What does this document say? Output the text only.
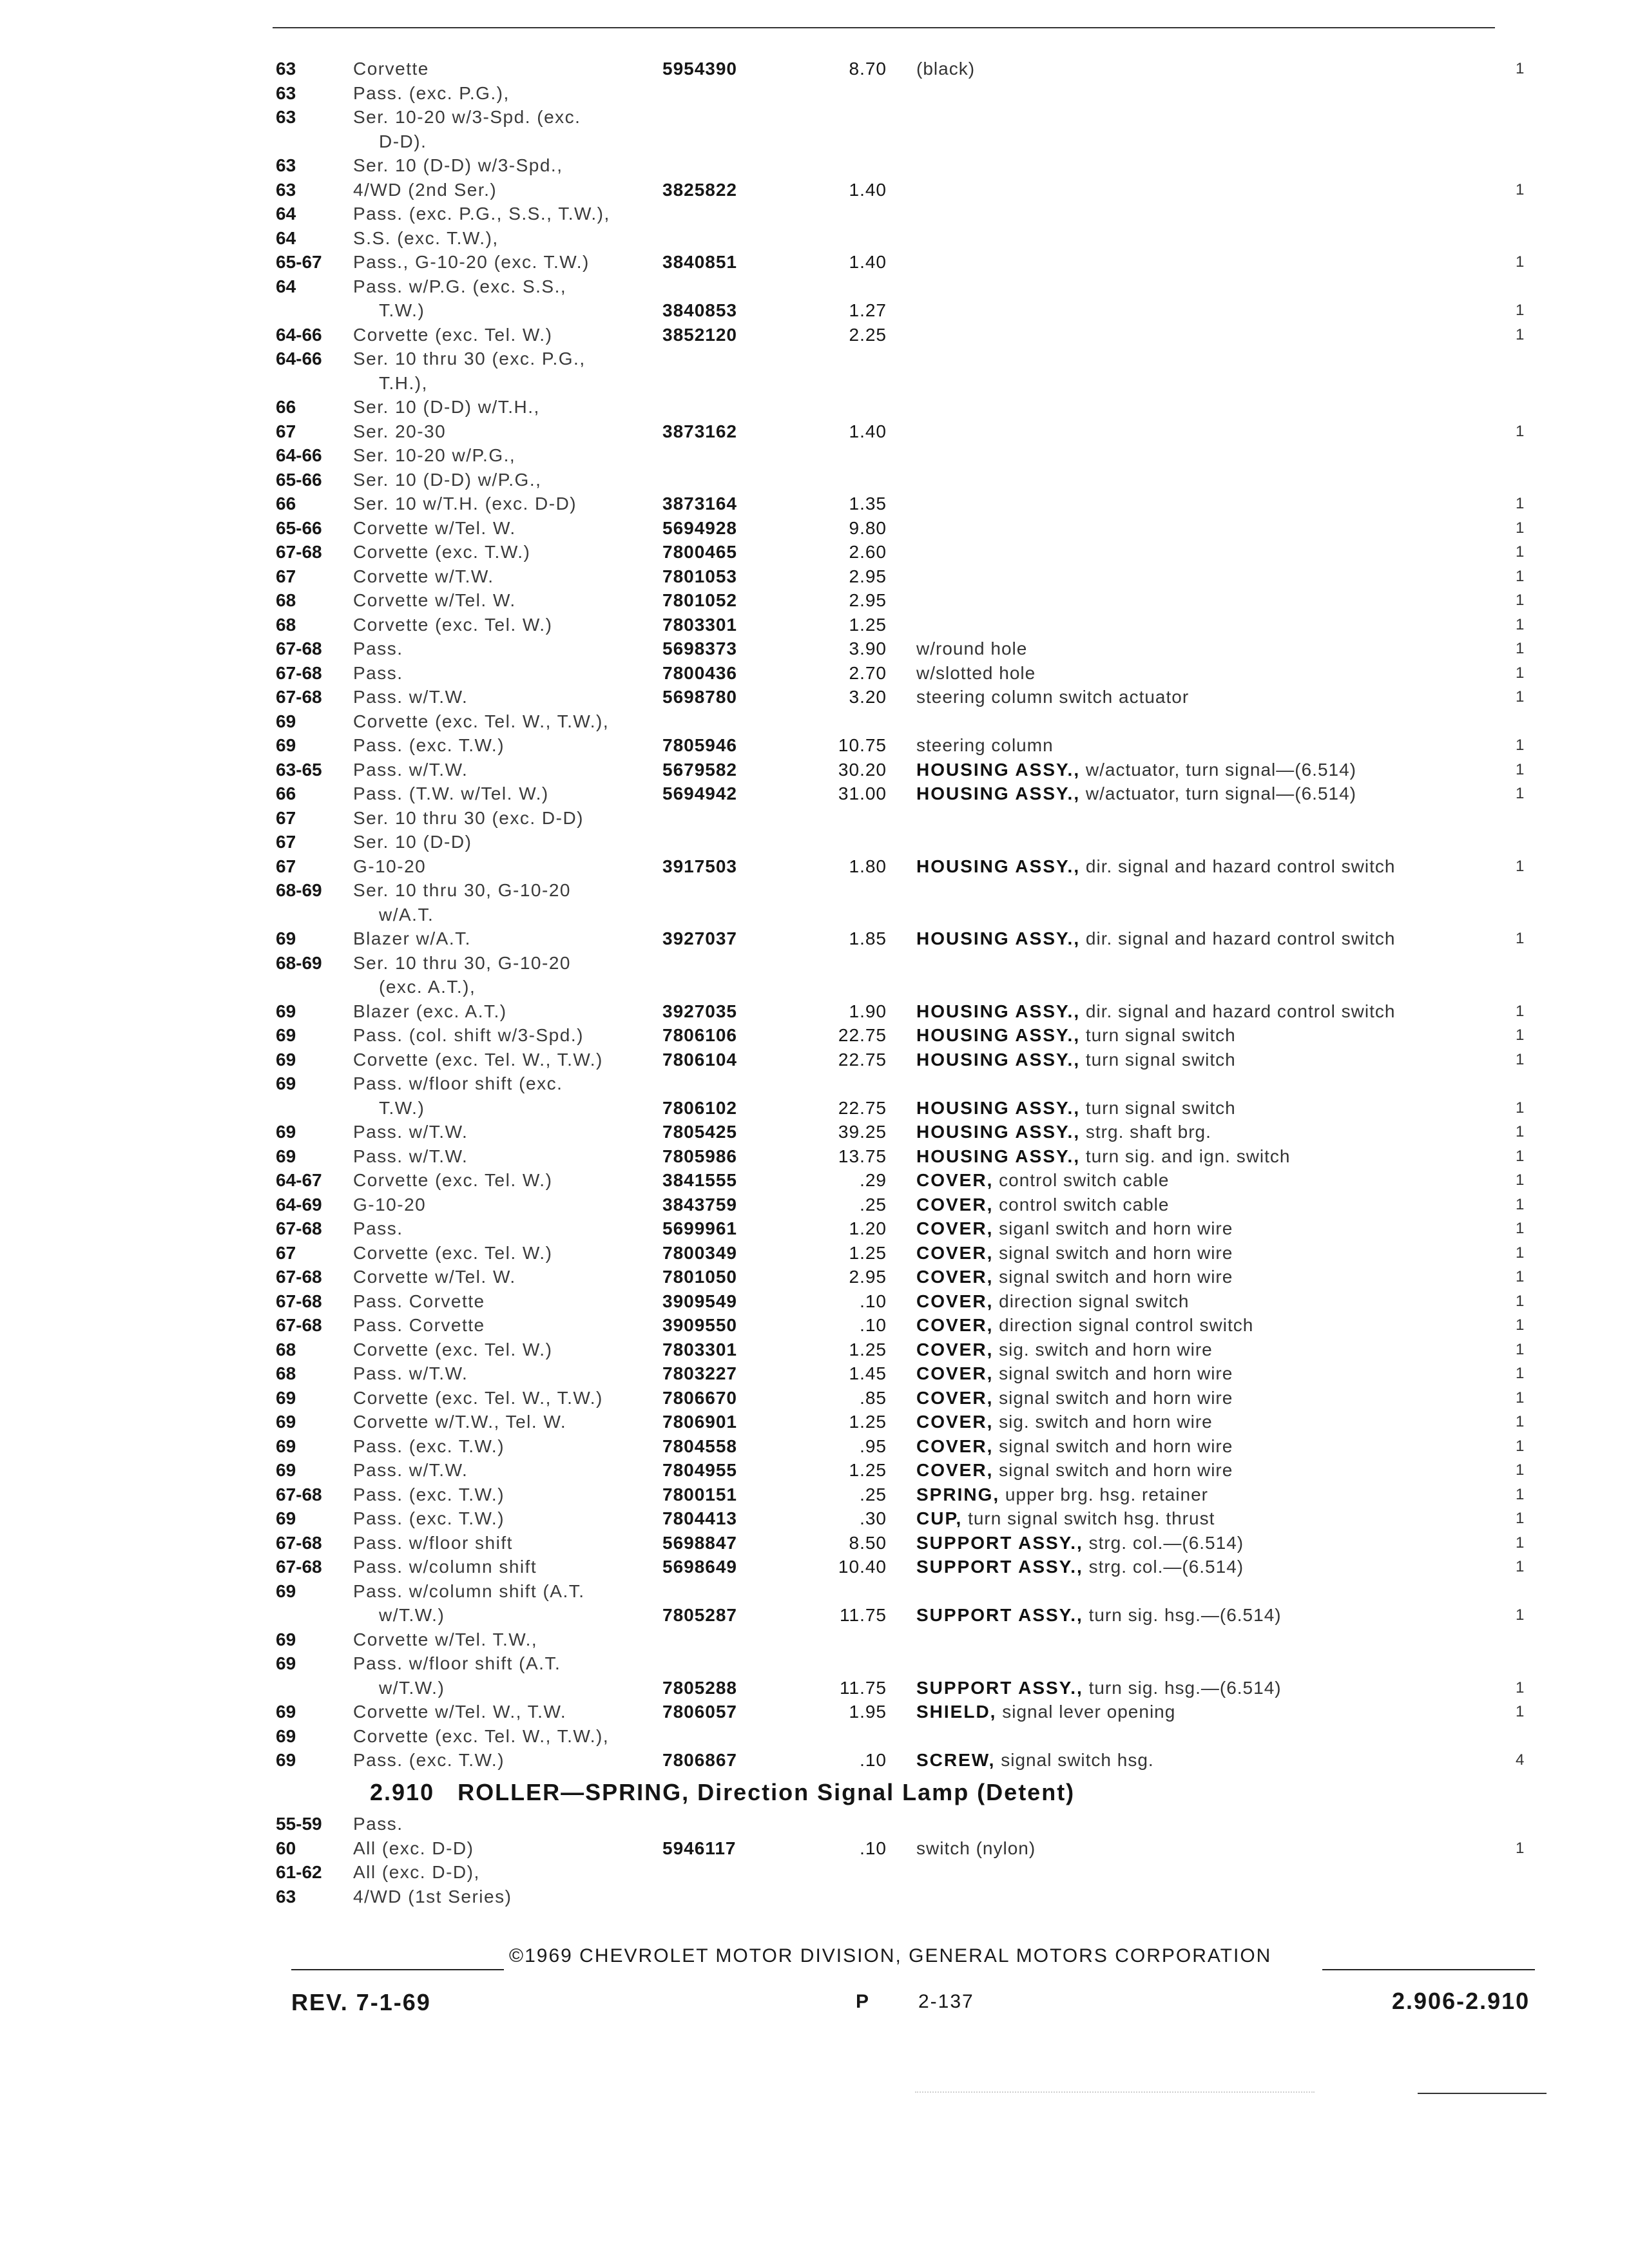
63	Corvette	5954390	8.70 (black)	1
63	Pass. (exc. P.G.),
63	Ser. 10-20 w/3-Spd. (exc.
D-D).
63	Ser. 10 (D-D) w/3-Spd.,
63	4/WD (2nd Ser.)	3825822	1.40	1
64	Pass. (exc. P.G., S.S., T.W.),
64	S.S. (exc. T.W.),
65-67 Pass., G-10-20 (exc. T.W.)	3840851	1.40	1
64	Pass. w/P.G. (exc. S.S.,
T.W.)	3840853	1.27	1
64-66 Corvette (exc. Tel. W.)	3852120	2.25	1
64-66 Ser. 10 thru 30 (exc. P.G.,
T.H.),
66	Ser. 10 (D-D) w/T.H.,
67	Ser. 20-30	3873162	1.40	1
64-66 Ser. 10-20 w/P.G.,
65-66 Ser. 10 (D-D) w/P.G.,
66	Ser. 10 w/T.H. (exc. D-D)	3873164	1.35	1
65-66 Corvette w/Tel. W.	5694928	9.80	1
67-68 Corvette (exc. T.W.)	7800465	2.60	1
67	Corvette w/T.W.	7801053	2.95	1
68	Corvette w/Tel. W.	7801052	2.95	1
68	Corvette (exc. Tel. W.)	7803301	1.25	1
67-68 Pass.	5698373	3.90 w/round hole	1
67-68 Pass.	7800436	2.70 w/slotted hole	1
67-68 Pass. w/T.W.	5698780	3.20 steering column switch actuator	1
69	Corvette (exc. Tel. W., T.W.),
69	Pass. (exc. T.W.)	7805946	10.75 steering column	1
63-65 Pass. w/T.W.	5679582	30.20 HOUSING ASSY., w/actuator, turn signal—(6.514)	1
66	Pass. (T.W. w/Tel. W.)	5694942	31.00 HOUSING ASSY., w/actuator, turn signal—(6.514)	1
67	Ser. 10 thru 30 (exc. D-D)
67	Ser. 10 (D-D)
67	G-10-20	3917503	1.80 HOUSING ASSY., dir. signal and hazard control switch	1
68-69 Ser. 10 thru 30, G-10-20
w/A.T.
69	Blazer w/A.T.	3927037	1.85 HOUSING ASSY., dir. signal and hazard control switch	1
68-69 Ser. 10 thru 30, G-10-20
(exc. A.T.),
69	Blazer (exc. A.T.)	3927035	1.90 HOUSING ASSY., dir. signal and hazard control switch	1
69	Pass. (col. shift w/3-Spd.)	7806106	22.75 HOUSING ASSY., turn signal switch	1
69	Corvette (exc. Tel. W., T.W.)	7806104	22.75 HOUSING ASSY., turn signal switch	1
69	Pass. w/floor shift (exc.
T.W.)	7806102	22.75 HOUSING ASSY., turn signal switch	1
69	Pass. w/T.W.	7805425	39.25 HOUSING ASSY., strg. shaft brg.	1
69	Pass. w/T.W.	7805986	13.75 HOUSING ASSY., turn sig. and ign. switch	1
64-67 Corvette (exc. Tel. W.)	3841555	.29 COVER, control switch cable	1
64-69 G-10-20	3843759	.25 COVER, control switch cable	1
67-68 Pass.	5699961	1.20 COVER, siganl switch and horn wire	1
67	Corvette (exc. Tel. W.)	7800349	1.25 COVER, signal switch and horn wire	1
67-68 Corvette w/Tel. W.	7801050	2.95 COVER, signal switch and horn wire	1
67-68 Pass. Corvette	3909549	.10 COVER, direction signal switch	1
67-68 Pass. Corvette	3909550	.10 COVER, direction signal control switch	1
68	Corvette (exc. Tel. W.)	7803301	1.25 COVER, sig. switch and horn wire	1
68	Pass. w/T.W.	7803227	1.45 COVER, signal switch and horn wire	1
69	Corvette (exc. Tel. W., T.W.)	7806670	.85 COVER, signal switch and horn wire	1
69	Corvette w/T.W., Tel. W.	7806901	1.25 COVER, sig. switch and horn wire	1
69	Pass. (exc. T.W.)	7804558	.95 COVER, signal switch and horn wire	1
69	Pass. w/T.W.	7804955	1.25 COVER, signal switch and horn wire	1
67-68 Pass. (exc. T.W.)	7800151	.25 SPRING, upper brg. hsg. retainer	1
69	Pass. (exc. T.W.)	7804413	.30 CUP, turn signal switch hsg. thrust	1
67-68 Pass. w/floor shift	5698847	8.50 SUPPORT ASSY., strg. col.—(6.514)	1
67-68 Pass. w/column shift	5698649	10.40 SUPPORT ASSY., strg. col.—(6.514)	1
69	Pass. w/column shift (A.T.
w/T.W.)	7805287	11.75 SUPPORT ASSY., turn sig. hsg.—(6.514)	1
69	Corvette w/Tel. T.W.,
69	Pass. w/floor shift (A.T.
w/T.W.)	7805288	11.75 SUPPORT ASSY., turn sig. hsg.—(6.514)	1
69	Corvette w/Tel. W., T.W.	7806057	1.95 SHIELD, signal lever opening	1
69	Corvette (exc. Tel. W., T.W.),
69	Pass. (exc. T.W.)	7806867	.10 SCREW, signal switch hsg.	4
2.910 ROLLER—SPRING, Direction Signal Lamp (Detent)
55-59 Pass.
60	All (exc. D-D)	5946117	.10 switch (nylon)	1
61-62 All (exc. D-D),
63	4/WD (1st Series)
©1969 CHEVROLET MOTOR DIVISION, GENERAL MOTORS CORPORATION
REV. 7-1-69	P	2-137	2.906-2.910
